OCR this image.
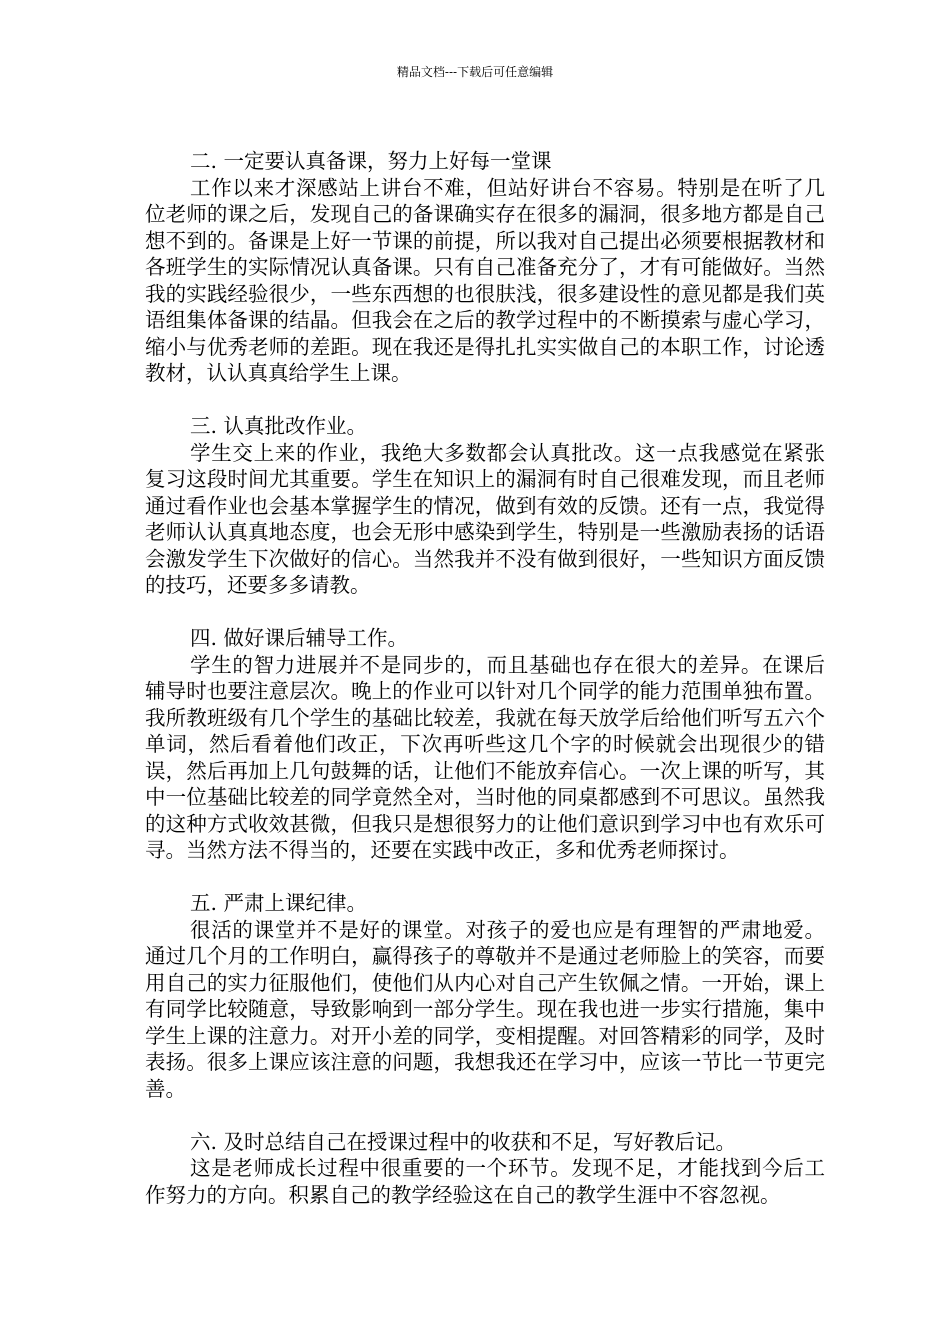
精品文档---下载后可任意编辑

二. 一定要认真备课，努力上好每一堂课

工作以来才深感站上讲台不难，但站好讲台不容易。特别是在听了几位老师的课之后，发现自己的备课确实存在很多的漏洞，很多地方都是自己想不到的。备课是上好一节课的前提，所以我对自己提出必须要根据教材和各班学生的实际情况认真备课。只有自己准备充分了，才有可能做好。当然我的实践经验很少，一些东西想的也很肤浅，很多建设性的意见都是我们英语组集体备课的结晶。但我会在之后的教学过程中的不断摸索与虚心学习，缩小与优秀老师的差距。现在我还是得扎扎实实做自己的本职工作，讨论透教材，认认真真给学生上课。

三. 认真批改作业。

学生交上来的作业，我绝大多数都会认真批改。这一点我感觉在紧张复习这段时间尤其重要。学生在知识上的漏洞有时自己很难发现，而且老师通过看作业也会基本掌握学生的情况，做到有效的反馈。还有一点，我觉得老师认认真真地态度，也会无形中感染到学生，特别是一些激励表扬的话语会激发学生下次做好的信心。当然我并不没有做到很好，一些知识方面反馈的技巧，还要多多请教。

四. 做好课后辅导工作。

学生的智力进展并不是同步的，而且基础也存在很大的差异。在课后辅导时也要注意层次。晚上的作业可以针对几个同学的能力范围单独布置。我所教班级有几个学生的基础比较差，我就在每天放学后给他们听写五六个单词，然后看着他们改正，下次再听些这几个字的时候就会出现很少的错误，然后再加上几句鼓舞的话，让他们不能放弃信心。一次上课的听写，其中一位基础比较差的同学竟然全对，当时他的同桌都感到不可思议。虽然我的这种方式收效甚微，但我只是想很努力的让他们意识到学习中也有欢乐可寻。当然方法不得当的，还要在实践中改正，多和优秀老师探讨。

五. 严肃上课纪律。

很活的课堂并不是好的课堂。对孩子的爱也应是有理智的严肃地爱。通过几个月的工作明白，赢得孩子的尊敬并不是通过老师脸上的笑容，而要用自己的实力征服他们，使他们从内心对自己产生钦佩之情。一开始，课上有同学比较随意，导致影响到一部分学生。现在我也进一步实行措施，集中学生上课的注意力。对开小差的同学，变相提醒。对回答精彩的同学，及时表扬。很多上课应该注意的问题，我想我还在学习中，应该一节比一节更完善。

六. 及时总结自己在授课过程中的收获和不足，写好教后记。

这是老师成长过程中很重要的一个环节。发现不足，才能找到今后工作努力的方向。积累自己的教学经验这在自己的教学生涯中不容忽视。
